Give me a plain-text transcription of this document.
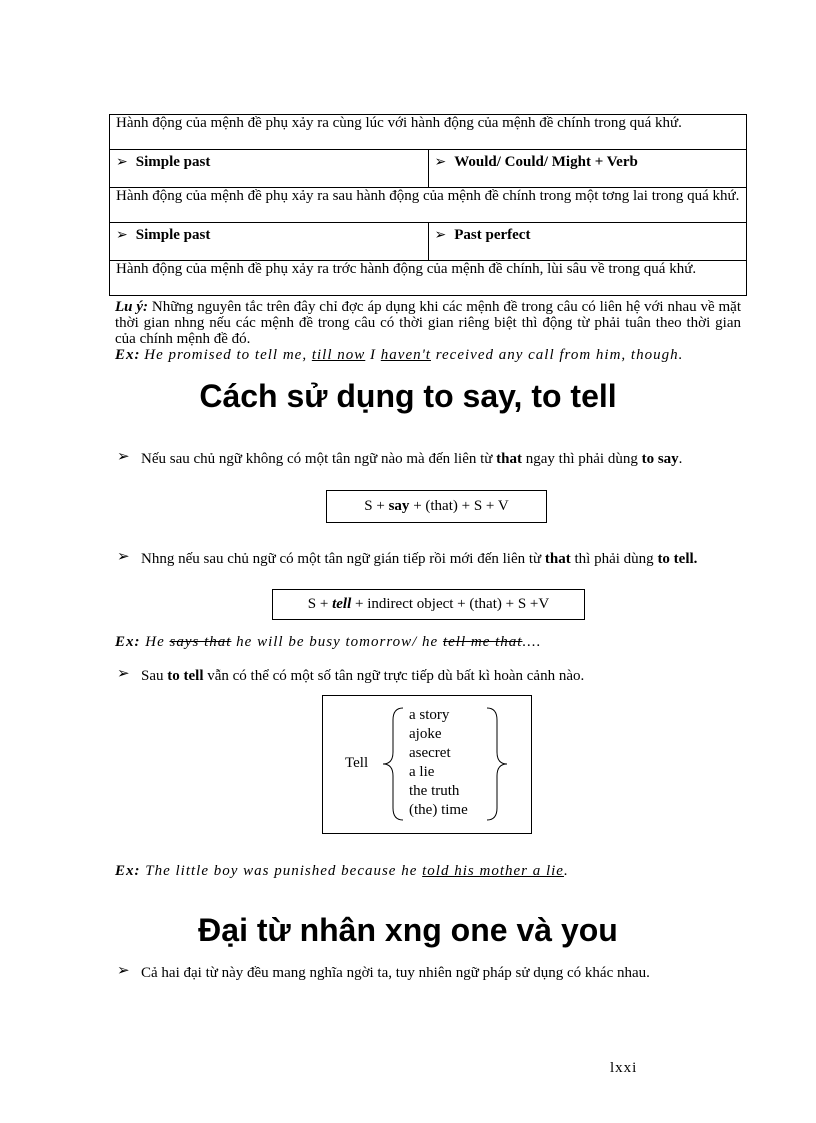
Hành động của mệnh đề phụ xảy ra cùng lúc với hành động của mệnh đề chính trong quá khứ.	
➢ Simple past	➢ Would/ Could/ Might + Verb
Hành động của mệnh đề phụ xảy ra sau hành động của mệnh đề chính trong một tơng lai trong quá khứ.	
➢ Simple past	➢ Past perfect
Hành động của mệnh đề phụ xảy ra trớc hành động của mệnh đề chính, lùi sâu về trong quá khứ.	
Lu ý: Những nguyên tắc trên đây chỉ đợc áp dụng khi các mệnh đề trong câu có liên hệ với nhau về mặt thời gian nhng nếu các mệnh đề trong câu có thời gian riêng biệt thì động từ phải tuân theo thời gian của chính mệnh đề đó.
Ex: He promised to tell me, till now I haven't received any call from him, though.
Cách sử dụng to say, to tell
➢ Nếu sau chủ ngữ không có một tân ngữ nào mà đến liên từ that ngay thì phải dùng to say.
S + say + (that) + S + V
➢ Nhng nếu sau chủ ngữ có một tân ngữ gián tiếp rồi mới đến liên từ that thì phải dùng to tell.
S + tell + indirect object + (that) + S +V
Ex: He says that he will be busy tomorrow/ he tell me that....
➢ Sau to tell vẫn có thể có một số tân ngữ trực tiếp dù bất kì hoàn cảnh nào.
Tell
a story
ajoke
asecret
a lie
the truth
(the) time
Ex: The little boy was punished because he told his mother a lie.
Đại từ nhân xng one và you
➢ Cả hai đại từ này đều mang nghĩa ngời ta, tuy nhiên ngữ pháp sử dụng có khác nhau.
lxxi
